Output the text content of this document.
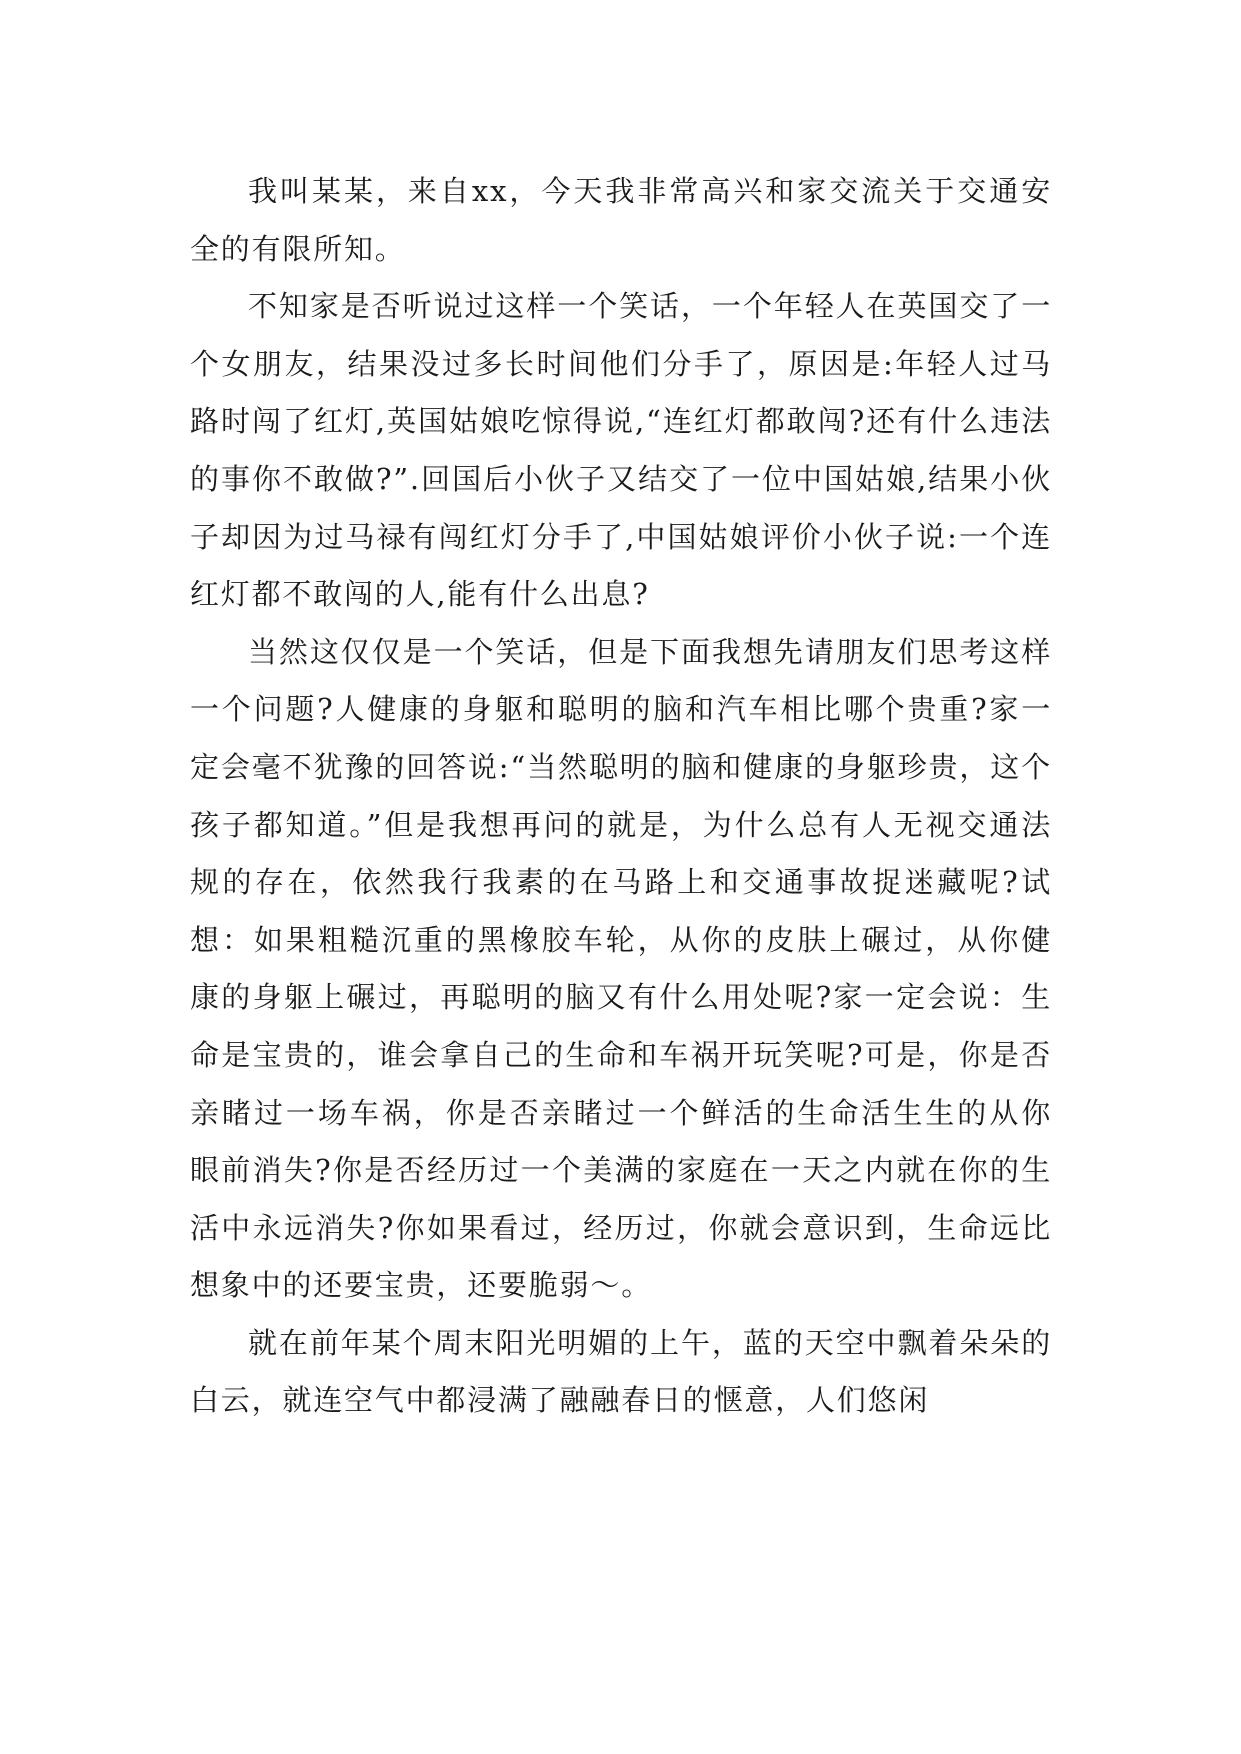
我叫某某，来自xx，今天我非常高兴和家交流关于交通安全的有限所知。

不知家是否听说过这样一个笑话，一个年轻人在英国交了一个女朋友，结果没过多长时间他们分手了，原因是:年轻人过马路时闯了红灯,英国姑娘吃惊得说,“连红灯都敢闯?还有什么违法的事你不敢做?”.回国后小伙子又结交了一位中国姑娘,结果小伙子却因为过马禄有闯红灯分手了,中国姑娘评价小伙子说:一个连红灯都不敢闯的人,能有什么出息?

当然这仅仅是一个笑话，但是下面我想先请朋友们思考这样一个问题?人健康的身躯和聪明的脑和汽车相比哪个贵重?家一定会毫不犹豫的回答说:“当然聪明的脑和健康的身躯珍贵，这个孩子都知道。”但是我想再问的就是，为什么总有人无视交通法规的存在，依然我行我素的在马路上和交通事故捉迷藏呢?试想：如果粗糙沉重的黑橡胶车轮，从你的皮肤上碾过，从你健康的身躯上碾过，再聪明的脑又有什么用处呢?家一定会说：生命是宝贵的，谁会拿自己的生命和车祸开玩笑呢?可是，你是否亲睹过一场车祸，你是否亲睹过一个鲜活的生命活生生的从你眼前消失?你是否经历过一个美满的家庭在一天之内就在你的生活中永远消失?你如果看过，经历过，你就会意识到，生命远比想象中的还要宝贵，还要脆弱～。

就在前年某个周末阳光明媚的上午，蓝的天空中飘着朵朵的白云，就连空气中都浸满了融融春日的惬意，人们悠闲
